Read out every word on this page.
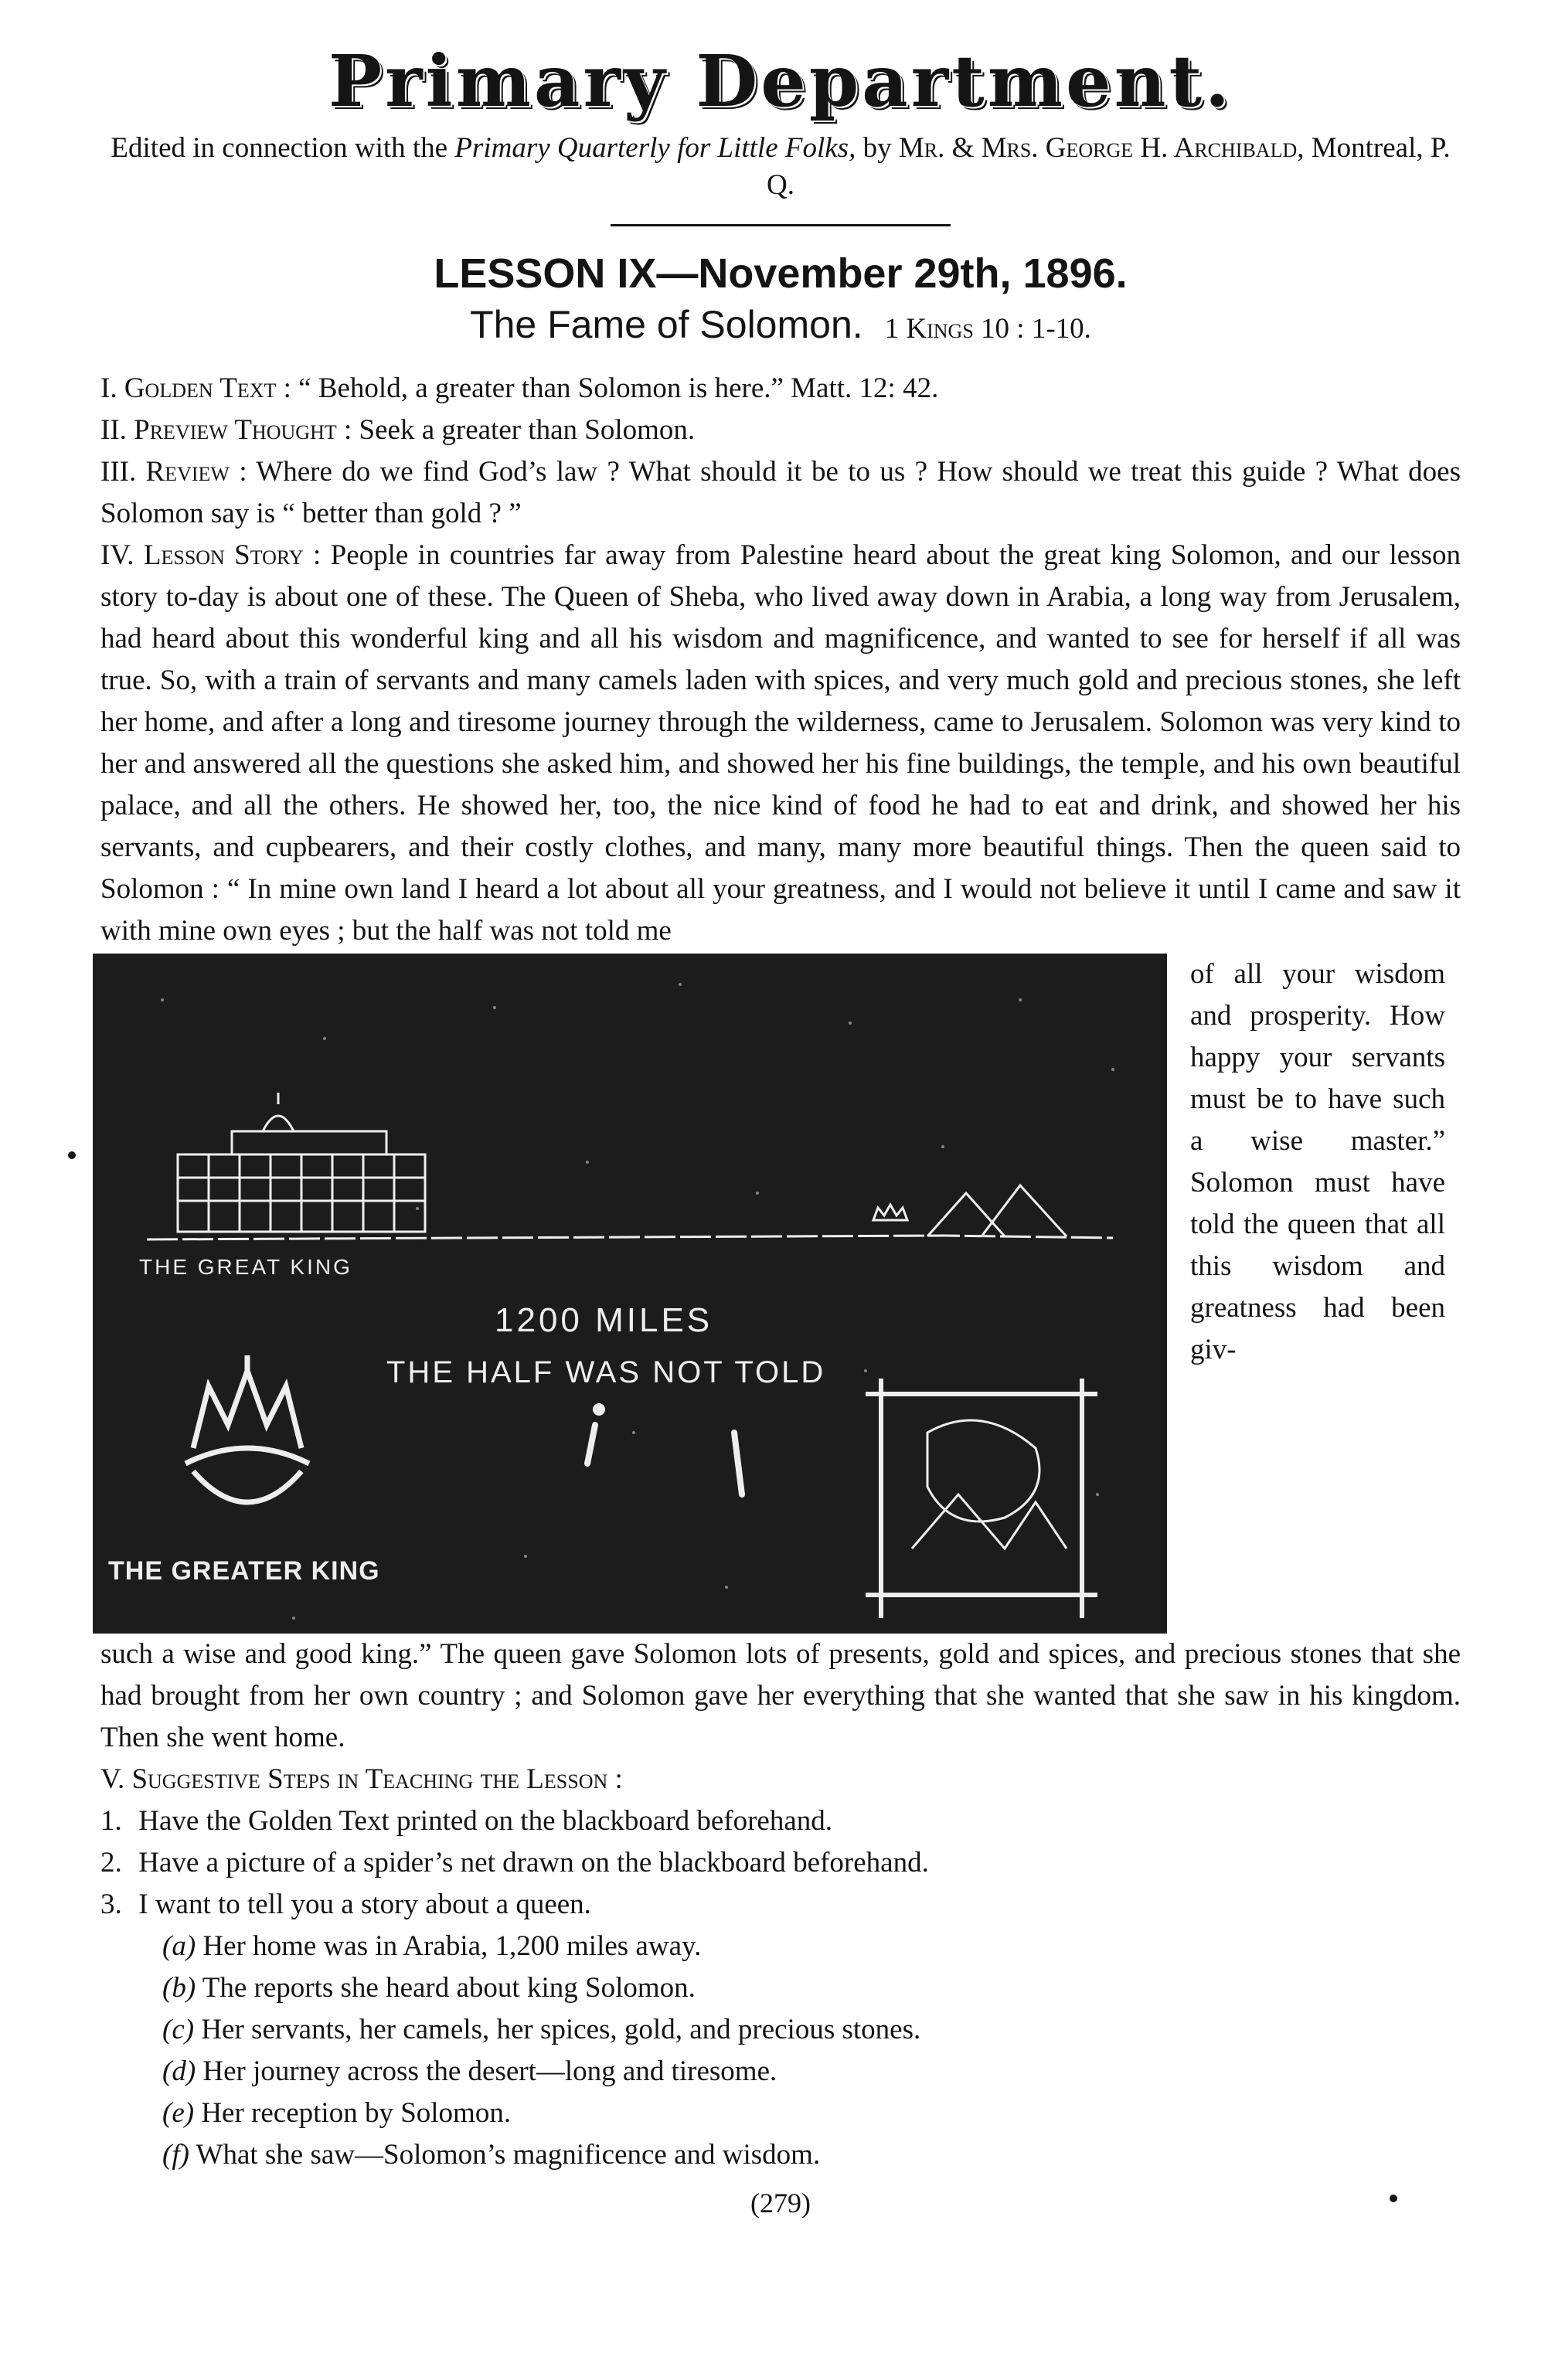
Primary Department.

Edited in connection with the Primary Quarterly for Little Folks, by Mr. & Mrs. George H. Archibald, Montreal, P. Q.

LESSON IX—November 29th, 1896.
The Fame of Solomon. 1 Kings 10 : 1-10.

I. Golden Text : “ Behold, a greater than Solomon is here.” Matt. 12: 42.

II. Preview Thought : Seek a greater than Solomon.

III. Review : Where do we find God’s law ? What should it be to us ? How should we treat this guide ? What does Solomon say is “ better than gold ? ”

IV. Lesson Story : People in countries far away from Palestine heard about the great king Solomon, and our lesson story to-day is about one of these. The Queen of Sheba, who lived away down in Arabia, a long way from Jerusalem, had heard about this wonderful king and all his wisdom and magnificence, and wanted to see for herself if all was true. So, with a train of servants and many camels laden with spices, and very much gold and precious stones, she left her home, and after a long and tiresome journey through the wilderness, came to Jerusalem. Solomon was very kind to her and answered all the questions she asked him, and showed her his fine buildings, the temple, and his own beautiful palace, and all the others. He showed her, too, the nice kind of food he had to eat and drink, and showed her his servants, and cupbearers, and their costly clothes, and many, many more beautiful things. Then the queen said to Solomon : “ In mine own land I heard a lot about all your greatness, and I would not believe it until I came and saw it with mine own eyes ; but the half was not told me

THE GREAT KING
1200 MILES
THE HALF WAS NOT TOLD
THE GREATER KING

of all your wisdom and prosperity. How happy your servants must be to have such a wise master.” Solomon must have told the queen that all this wisdom and greatness had been giv-

such a wise and good king.” The queen gave Solomon lots of presents, gold and spices, and precious stones that she had brought from her own country ; and Solomon gave her everything that she wanted that she saw in his kingdom. Then she went home.

V. Suggestive Steps in Teaching the Lesson :

1. Have the Golden Text printed on the blackboard beforehand.

2. Have a picture of a spider’s net drawn on the blackboard beforehand.

3. I want to tell you a story about a queen.

(a) Her home was in Arabia, 1,200 miles away.

(b) The reports she heard about king Solomon.

(c) Her servants, her camels, her spices, gold, and precious stones.

(d) Her journey across the desert—long and tiresome.

(e) Her reception by Solomon.

(f) What she saw—Solomon’s magnificence and wisdom.

(279)
